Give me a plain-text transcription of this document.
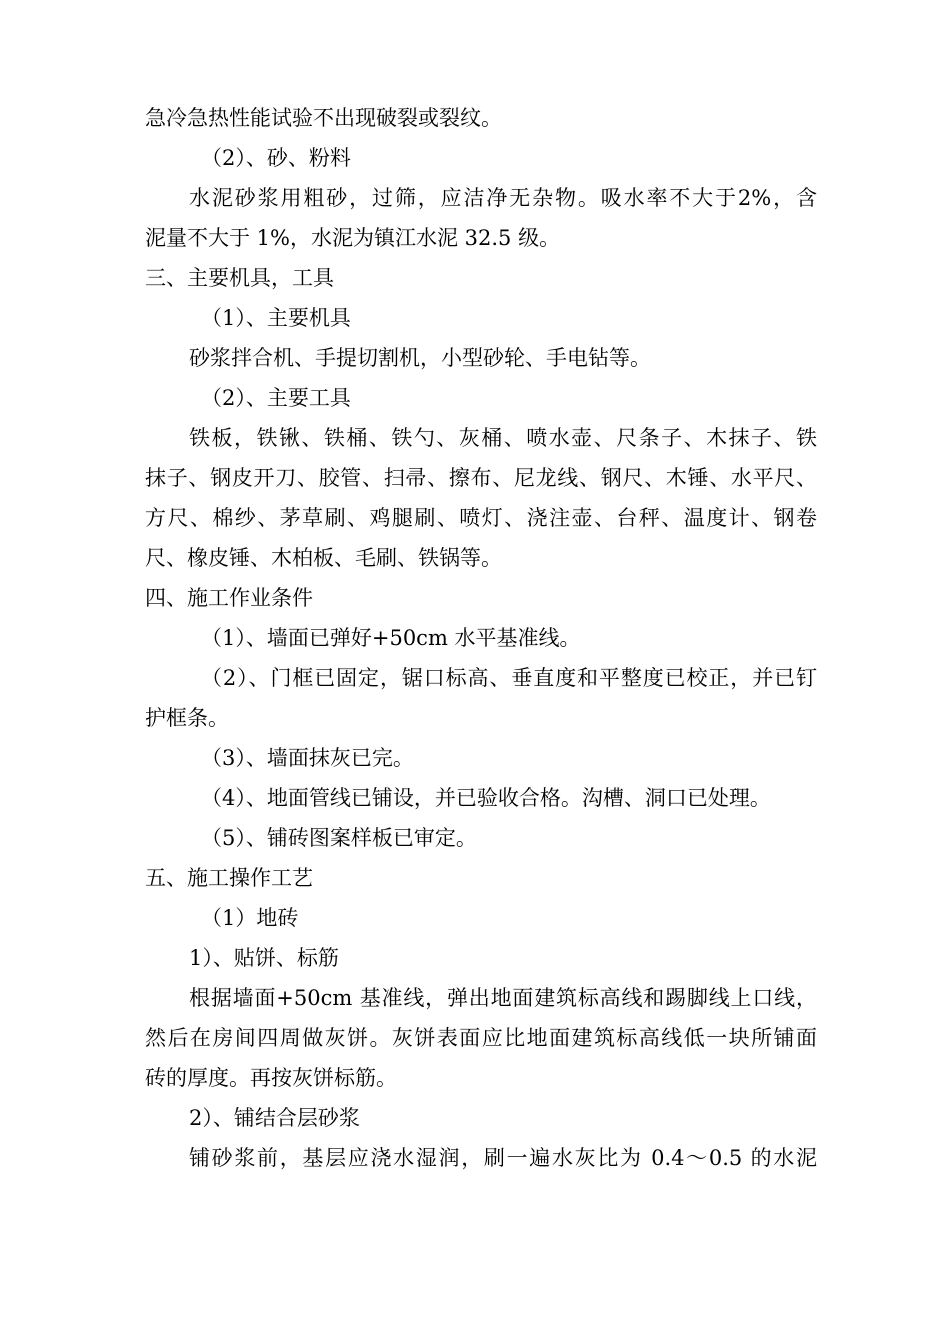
急冷急热性能试验不出现破裂或裂纹。
（2）、砂、粉料
水泥砂浆用粗砂，过筛，应洁净无杂物。吸水率不大于2%，含
泥量不大于 1%，水泥为镇江水泥 32.5 级。
三、主要机具，工具
（1）、主要机具
砂浆拌合机、手提切割机，小型砂轮、手电钻等。
（2）、主要工具
铁板，铁锹、铁桶、铁勺、灰桶、喷水壶、尺条子、木抹子、铁
抹子、钢皮开刀、胶管、扫帚、擦布、尼龙线、钢尺、木锤、水平尺、
方尺、棉纱、茅草刷、鸡腿刷、喷灯、浇注壶、台秤、温度计、钢卷
尺、橡皮锤、木柏板、毛刷、铁锅等。
四、施工作业条件
（1）、墙面已弹好+50cm 水平基准线。
（2）、门框已固定，锯口标高、垂直度和平整度已校正，并已钉
护框条。
（3）、墙面抹灰已完。
（4）、地面管线已铺设，并已验收合格。沟槽、洞口已处理。
（5）、铺砖图案样板已审定。
五、施工操作工艺
（1）地砖
1）、贴饼、标筋
根据墙面+50cm 基准线，弹出地面建筑标高线和踢脚线上口线，
然后在房间四周做灰饼。灰饼表面应比地面建筑标高线低一块所铺面
砖的厚度。再按灰饼标筋。
2）、铺结合层砂浆
铺砂浆前，基层应浇水湿润，刷一遍水灰比为 0.4～0.5 的水泥
